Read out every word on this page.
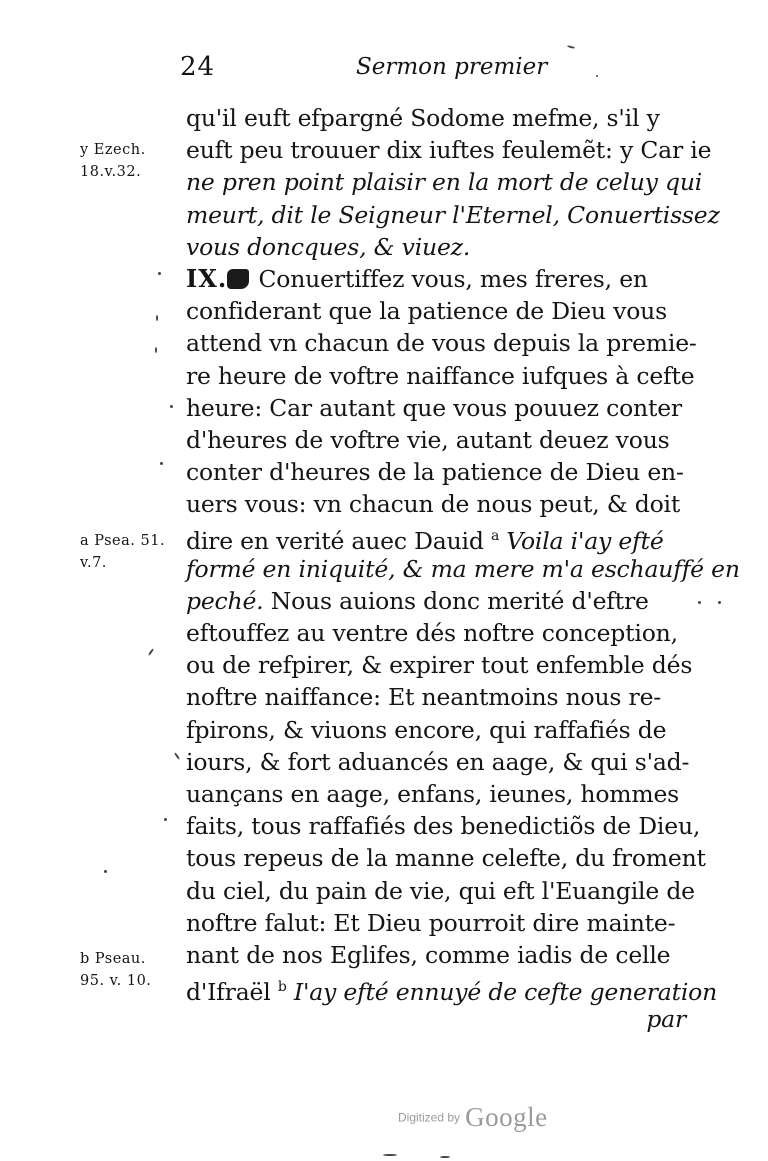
24	Sermon premier
y Ezech.
18.v.32.
a Psea. 51.
v.7.
b Pseau.
95. v. 10.
qu'il euft efpargné Sodome mefme, s'il y
euft peu trouuer dix iuftes feulemẽt: y Car ie
ne pren point plaisir en la mort de celuy qui
meurt, dit le Seigneur l'Eternel, Conuertissez
vous doncques, & viuez.
IX. Conuertiffez vous, mes freres, en
confiderant que la patience de Dieu vous
attend vn chacun de vous depuis la premie-
re heure de voftre naiffance iufques à cefte
heure: Car autant que vous pouuez conter
d'heures de voftre vie, autant deuez vous
conter d'heures de la patience de Dieu en-
uers vous: vn chacun de nous peut, & doit
dire en verité auec Dauid $^a$ Voila i'ay efté
formé en iniquité, & ma mere m'a eschauffé en
peché. Nous auions donc merité d'eftre
eftouffez au ventre dés noftre conception,
ou de refpirer, & expirer tout enfemble dés
noftre naiffance: Et neantmoins nous re-
fpirons, & viuons encore, qui raffafiés de
iours, & fort aduancés en aage, & qui s'ad-
uançans en aage, enfans, ieunes, hommes
faits, tous raffafiés des benedictiõs de Dieu,
tous repeus de la manne celefte, du froment
du ciel, du pain de vie, qui eft l'Euangile de
noftre falut: Et Dieu pourroit dire mainte-
nant de nos Eglifes, comme iadis de celle
d'Ifraël $^b$ I'ay efté ennuyé de cefte generation
par
Digitized by Google
